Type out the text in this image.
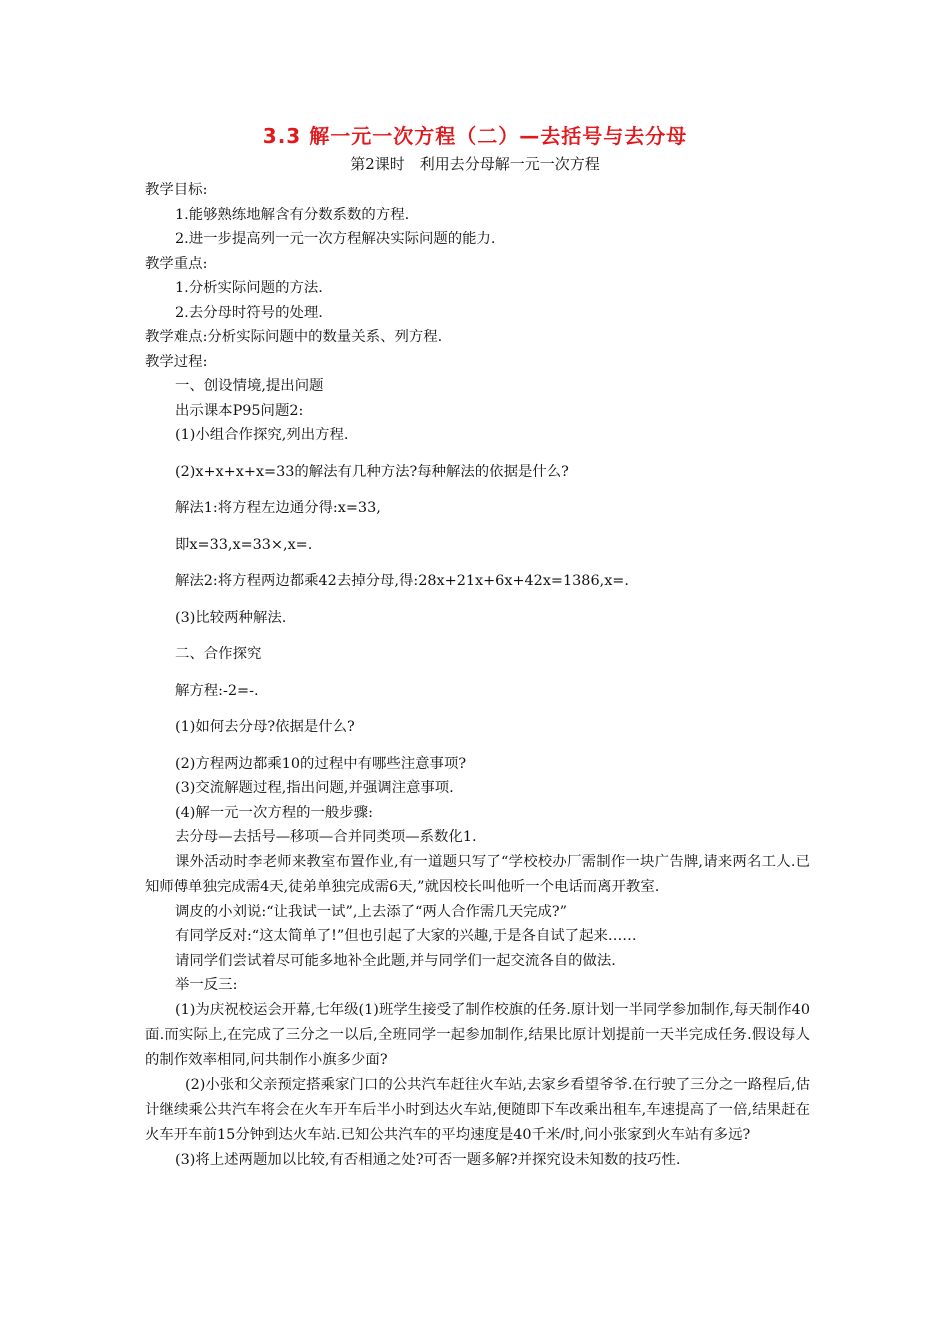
3.3 解一元一次方程（二）—去括号与去分母
第2课时　利用去分母解一元一次方程
教学目标:
1.能够熟练地解含有分数系数的方程.
2.进一步提高列一元一次方程解决实际问题的能力.
教学重点:
1.分析实际问题的方法.
2.去分母时符号的处理.
教学难点:分析实际问题中的数量关系、列方程.
教学过程:
一、创设情境,提出问题
出示课本P95问题2:
(1)小组合作探究,列出方程.
(2)x+x+x+x=33的解法有几种方法?每种解法的依据是什么?
解法1:将方程左边通分得:x=33,
即x=33,x=33×,x=.
解法2:将方程两边都乘42去掉分母,得:28x+21x+6x+42x=1386,x=.
(3)比较两种解法.
二、合作探究
解方程:-2=-.
(1)如何去分母?依据是什么?
(2)方程两边都乘10的过程中有哪些注意事项?
(3)交流解题过程,指出问题,并强调注意事项.
(4)解一元一次方程的一般步骤:
去分母—去括号—移项—合并同类项—系数化1.
课外活动时李老师来教室布置作业,有一道题只写了“学校校办厂需制作一块广告牌,请来两名工人.已知师傅单独完成需4天,徒弟单独完成需6天,”就因校长叫他听一个电话而离开教室.
调皮的小刘说:“让我试一试”,上去添了“两人合作需几天完成?”
有同学反对:“这太简单了!”但也引起了大家的兴趣,于是各自试了起来……
请同学们尝试着尽可能多地补全此题,并与同学们一起交流各自的做法.
举一反三:
(1)为庆祝校运会开幕,七年级(1)班学生接受了制作校旗的任务.原计划一半同学参加制作,每天制作40面.而实际上,在完成了三分之一以后,全班同学一起参加制作,结果比原计划提前一天半完成任务.假设每人的制作效率相同,问共制作小旗多少面?
(2)小张和父亲预定搭乘家门口的公共汽车赶往火车站,去家乡看望爷爷.在行驶了三分之一路程后,估计继续乘公共汽车将会在火车开车后半小时到达火车站,便随即下车改乘出租车,车速提高了一倍,结果赶在火车开车前15分钟到达火车站.已知公共汽车的平均速度是40千米/时,问小张家到火车站有多远?
(3)将上述两题加以比较,有否相通之处?可否一题多解?并探究设未知数的技巧性.
